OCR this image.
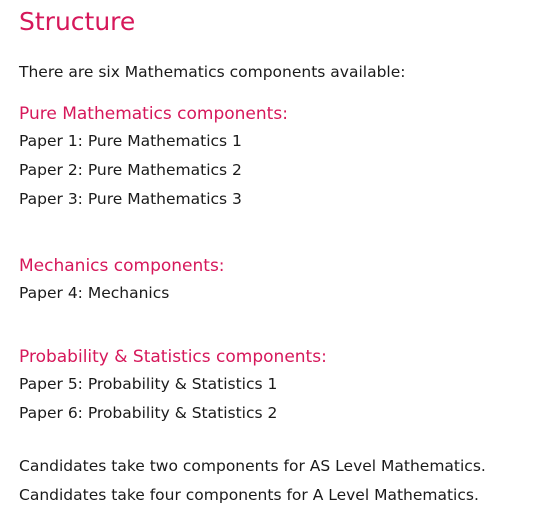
Structure

There are six Mathematics components available:

Pure Mathematics components:
Paper 1: Pure Mathematics 1
Paper 2: Pure Mathematics 2
Paper 3: Pure Mathematics 3
Mechanics components:
Paper 4: Mechanics
Probability & Statistics components:
Paper 5: Probability & Statistics 1
Paper 6: Probability & Statistics 2

Candidates take two components for AS Level Mathematics.

Candidates take four components for A Level Mathematics.
